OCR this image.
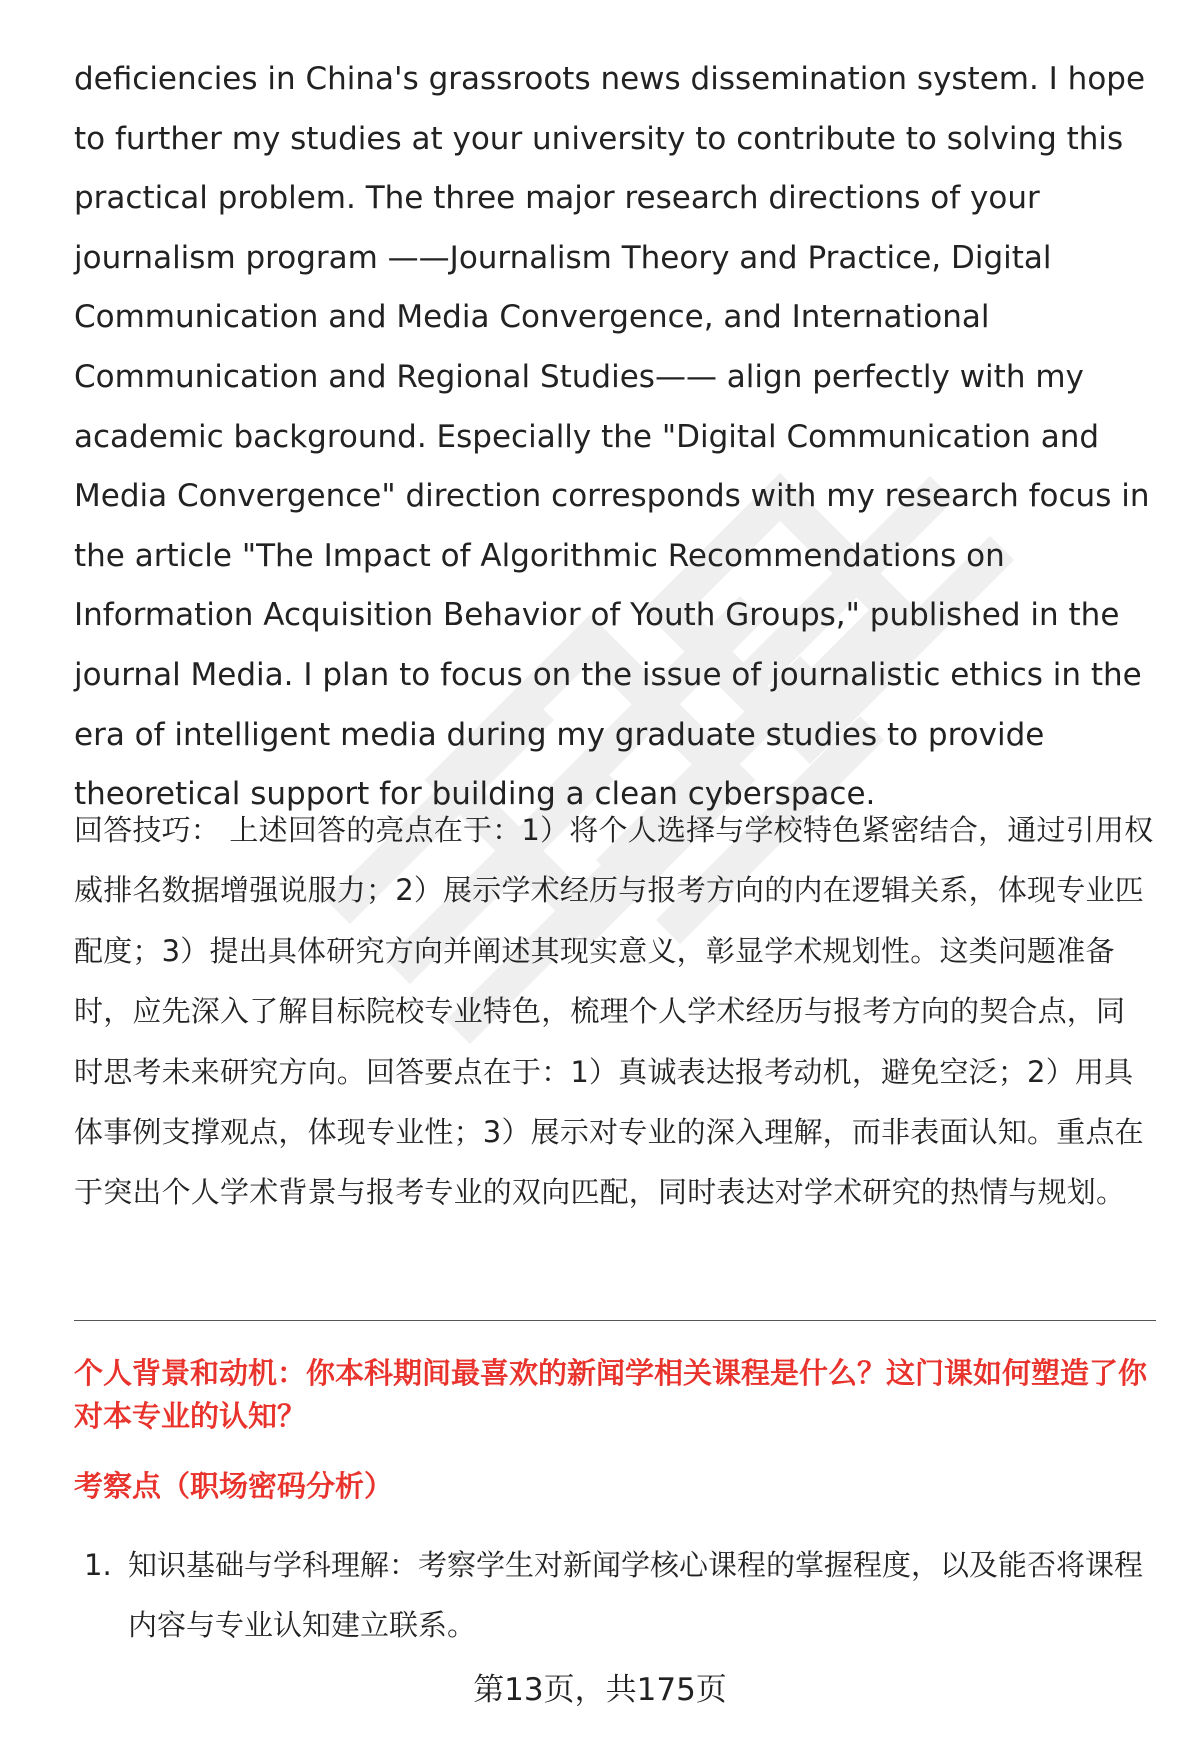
deficiencies in China's grassroots news dissemination system. I hope to further my studies at your university to contribute to solving this practical problem. The three major research directions of your journalism program ——Journalism Theory and Practice, Digital Communication and Media Convergence, and International Communication and Regional Studies—— align perfectly with my academic background. Especially the "Digital Communication and Media Convergence" direction corresponds with my research focus in the article "The Impact of Algorithmic Recommendations on Information Acquisition Behavior of Youth Groups," published in the journal Media. I plan to focus on the issue of journalistic ethics in the era of intelligent media during my graduate studies to provide theoretical support for building a clean cyberspace.

回答技巧： 上述回答的亮点在于：1）将个人选择与学校特色紧密结合，通过引用权威排名数据增强说服力；2）展示学术经历与报考方向的内在逻辑关系，体现专业匹配度；3）提出具体研究方向并阐述其现实意义，彰显学术规划性。这类问题准备时，应先深入了解目标院校专业特色，梳理个人学术经历与报考方向的契合点，同时思考未来研究方向。回答要点在于：1）真诚表达报考动机，避免空泛；2）用具体事例支撑观点，体现专业性；3）展示对专业的深入理解，而非表面认知。重点在于突出个人学术背景与报考专业的双向匹配，同时表达对学术研究的热情与规划。

个人背景和动机：你本科期间最喜欢的新闻学相关课程是什么？这门课如何塑造了你对本专业的认知？

考察点（职场密码分析）

1. 知识基础与学科理解：考察学生对新闻学核心课程的掌握程度，以及能否将课程内容与专业认知建立联系。
第13页，共175页
